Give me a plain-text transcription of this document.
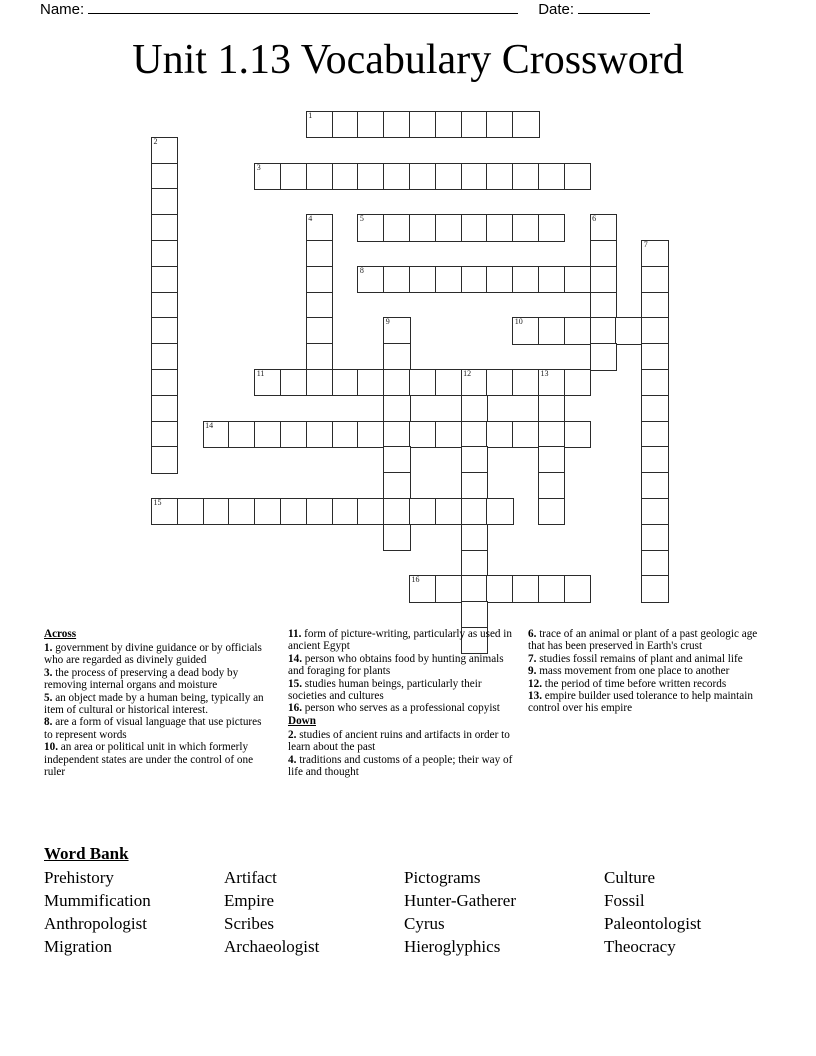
Name:	Date:
Unit 1.13 Vocabulary Crossword
1
2
3
4	5	6
7
8
9	10
11	12	13
14
15
16
Across
1. government by divine guidance or by officials who are regarded as divinely guided
3. the process of preserving a dead body by removing internal organs and moisture
5. an object made by a human being, typically an item of cultural or historical interest.
8. are a form of visual language that use pictures to represent words
10. an area or political unit in which formerly independent states are under the control of one ruler
11. form of picture-writing, particularly as used in ancient Egypt
14. person who obtains food by hunting animals and foraging for plants
15. studies human beings, particularly their societies and cultures
16. person who serves as a professional copyist
Down
2. studies of ancient ruins and artifacts in order to learn about the past
4. traditions and customs of a people; their way of life and thought
6. trace of an animal or plant of a past geologic age that has been preserved in Earth's crust
7. studies fossil remains of plant and animal life
9. mass movement from one place to another
12. the period of time before written records
13. empire builder used tolerance to help maintain control over his empire
Word Bank
Prehistory	Artifact	Pictograms	Culture
Mummification	Empire	Hunter-Gatherer	Fossil
Anthropologist	Scribes	Cyrus	Paleontologist
Migration	Archaeologist	Hieroglyphics	Theocracy
